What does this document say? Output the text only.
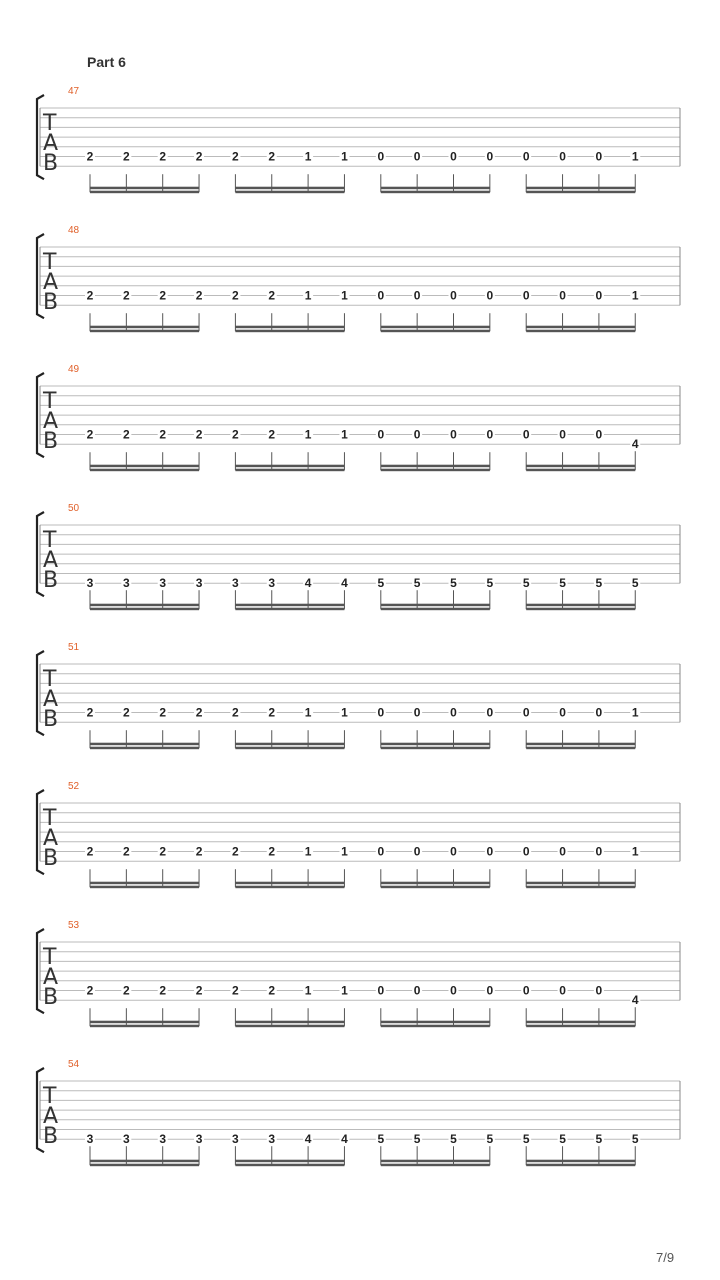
Part 6
47
T
A
B 2 2 2 2 2 2 1 1 0 0 0 0 0 0 0 1
48
T
A
B 2 2 2 2 2 2 1 1 0 0 0 0 0 0 0 1
49
T
A
B 2 2 2 2 2 2 1 1 0 0 0 0 0 0 0
4
50
T
A
B 3 3 3 3 3 3 4 4 5 5 5 5 5 5 5 5
51
T
A
B 2 2 2 2 2 2 1 1 0 0 0 0 0 0 0 1
52
T
A
B 2 2 2 2 2 2 1 1 0 0 0 0 0 0 0 1
53
T
A
B 2 2 2 2 2 2 1 1 0 0 0 0 0 0 0
4
54
T
A
B 3 3 3 3 3 3 4 4 5 5 5 5 5 5 5 5
7/9
